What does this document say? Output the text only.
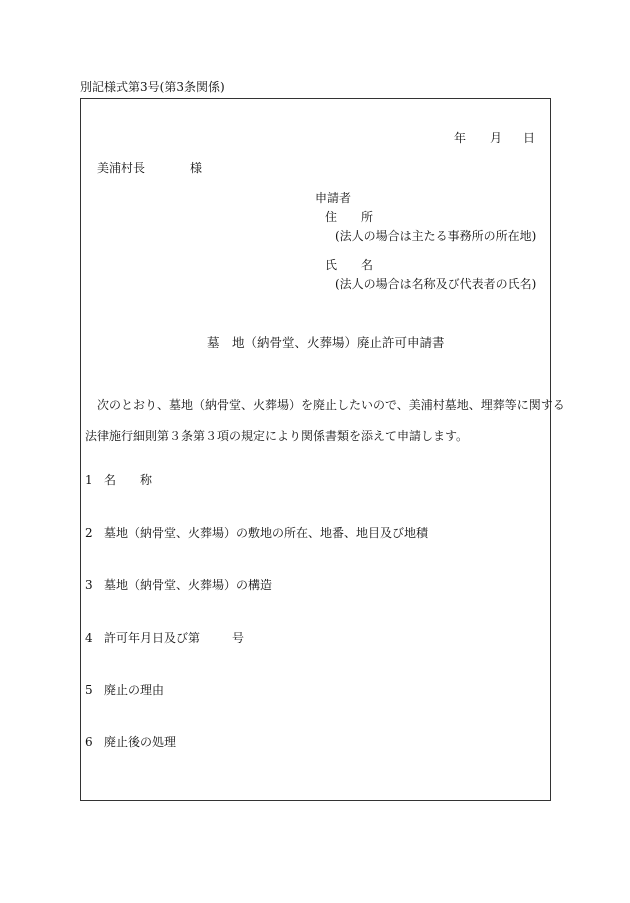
別記様式第3号(第3条関係)
年 月 日
美浦村長	様
申請者
住　　所
(法人の場合は主たる事務所の所在地)
氏　　名
(法人の場合は名称及び代表者の氏名)
墓　地（納骨堂、火葬場）廃止許可申請書
次のとおり、墓地（納骨堂、火葬場）を廃止したいので、美浦村墓地、埋葬等に関する
法律施行細則第３条第３項の規定により関係書類を添えて申請します。
1 名　　称
2 墓地（納骨堂、火葬場）の敷地の所在、地番、地目及び地積
3 墓地（納骨堂、火葬場）の構造
4 許可年月日及び第	号
5 廃止の理由
6 廃止後の処理
